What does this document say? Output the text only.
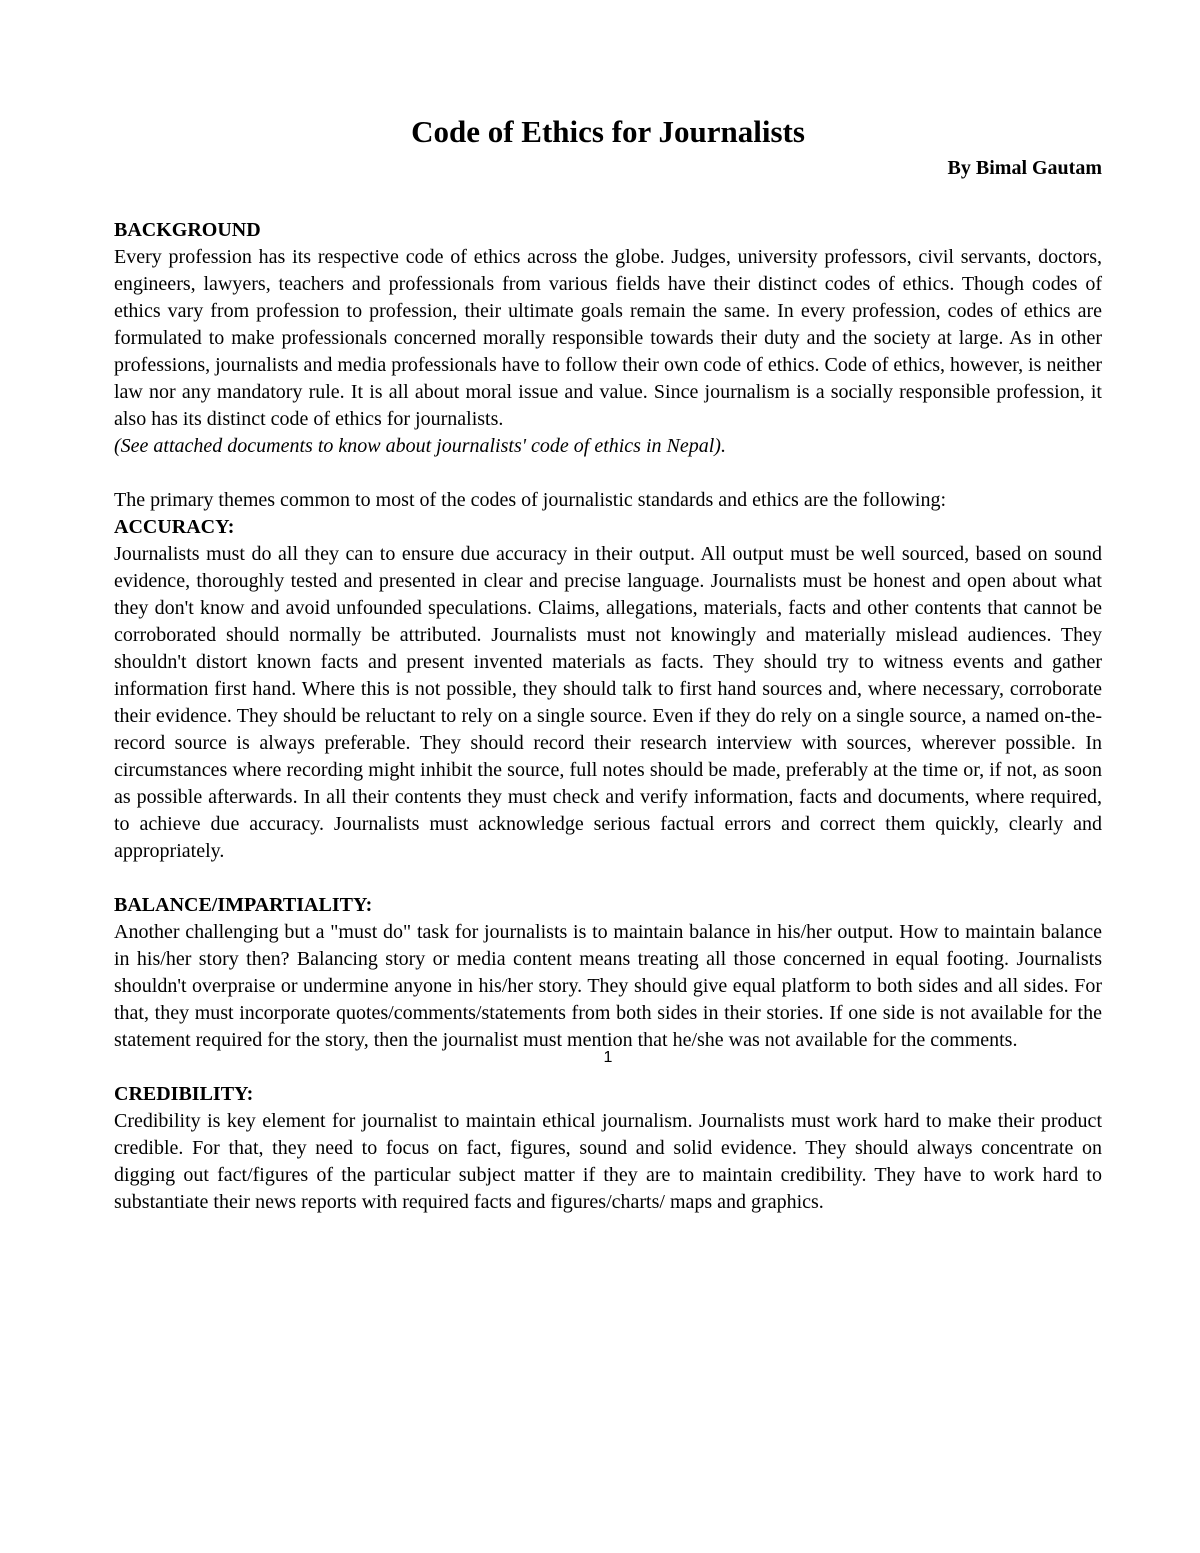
Code of Ethics for Journalists
By Bimal Gautam
BACKGROUND

Every profession has its respective code of ethics across the globe. Judges, university professors, civil servants, doctors, engineers, lawyers, teachers and professionals from various fields have their distinct codes of ethics. Though codes of ethics vary from profession to profession, their ultimate goals remain the same. In every profession, codes of ethics are formulated to make professionals concerned morally responsible towards their duty and the society at large. As in other professions, journalists and media professionals have to follow their own code of ethics. Code of ethics, however, is neither law nor any mandatory rule. It is all about moral issue and value. Since journalism is a socially responsible profession, it also has its distinct code of ethics for journalists.

(See attached documents to know about journalists' code of ethics in Nepal).

The primary themes common to most of the codes of journalistic standards and ethics are the following:

ACCURACY:

Journalists must do all they can to ensure due accuracy in their output. All output must be well sourced, based on sound evidence, thoroughly tested and presented in clear and precise language. Journalists must be honest and open about what they don't know and avoid unfounded speculations. Claims, allegations, materials, facts and other contents that cannot be corroborated should normally be attributed. Journalists must not knowingly and materially mislead audiences. They shouldn't distort known facts and present invented materials as facts. They should try to witness events and gather information first hand. Where this is not possible, they should talk to first hand sources and, where necessary, corroborate their evidence. They should be reluctant to rely on a single source. Even if they do rely on a single source, a named on-the-record source is always preferable. They should record their research interview with sources, wherever possible. In circumstances where recording might inhibit the source, full notes should be made, preferably at the time or, if not, as soon as possible afterwards. In all their contents they must check and verify information, facts and documents, where required, to achieve due accuracy. Journalists must acknowledge serious factual errors and correct them quickly, clearly and appropriately.

BALANCE/IMPARTIALITY:

Another challenging but a "must do" task for journalists is to maintain balance in his/her output. How to maintain balance in his/her story then? Balancing story or media content means treating all those concerned in equal footing. Journalists shouldn't overpraise or undermine anyone in his/her story. They should give equal platform to both sides and all sides. For that, they must incorporate quotes/comments/statements from both sides in their stories. If one side is not available for the statement required for the story, then the journalist must mention that he/she was not available for the comments.

CREDIBILITY:

Credibility is key element for journalist to maintain ethical journalism. Journalists must work hard to make their product credible. For that, they need to focus on fact, figures, sound and solid evidence. They should always concentrate on digging out fact/figures of the particular subject matter if they are to maintain credibility. They have to work hard to substantiate their news reports with required facts and figures/charts/ maps and graphics.

1
